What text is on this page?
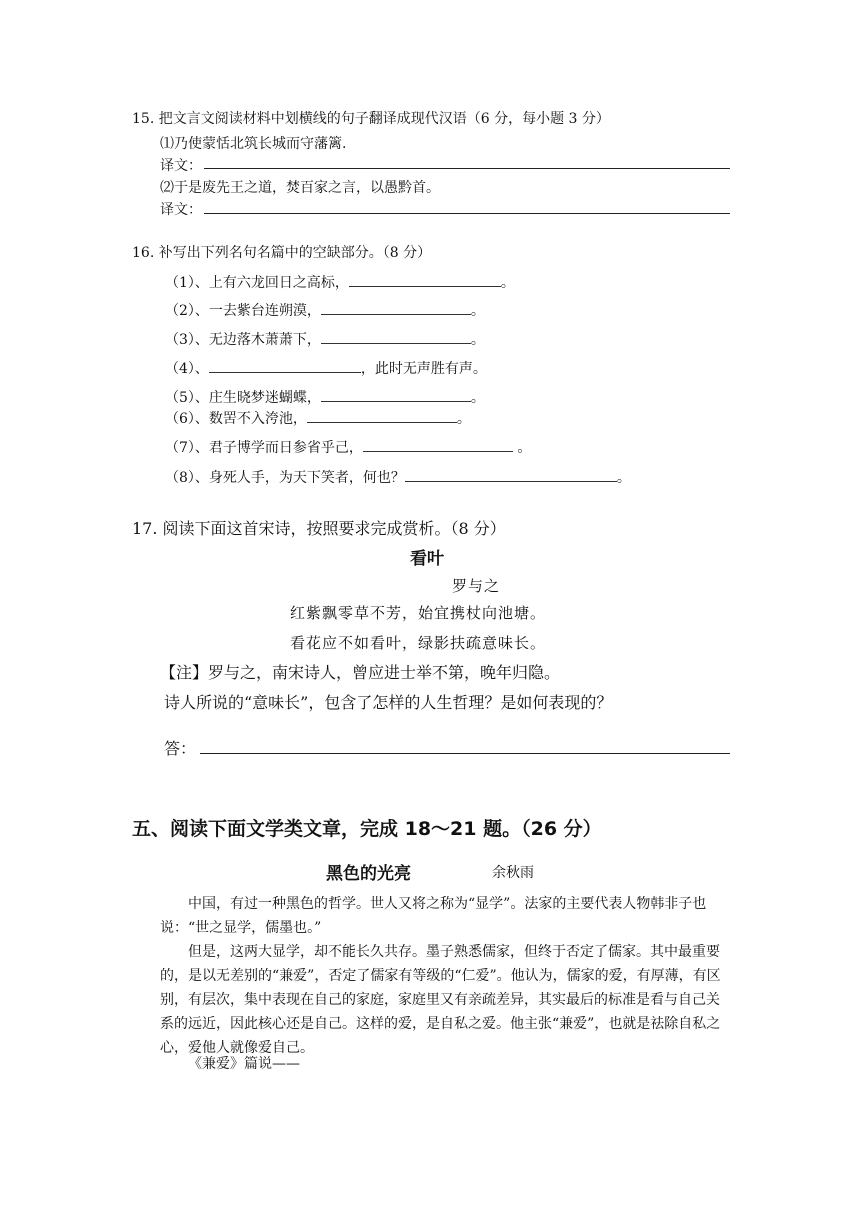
15. 把文言文阅读材料中划横线的句子翻译成现代汉语（6 分，每小题 3 分）
⑴乃使蒙恬北筑长城而守藩篱.
译文：
⑵于是废先王之道，焚百家之言，以愚黔首。
译文：
16. 补写出下列名句名篇中的空缺部分。（8 分）
（1）、上有六龙回日之高标，	。
（2）、一去紫台连朔漠，	。
（3）、无边落木萧萧下，	。
（4）、	，此时无声胜有声。
（5）、庄生晓梦迷蝴蝶，	。
（6）、数罟不入洿池，	。
（7）、君子博学而日参省乎己，	。
（8）、身死人手，为天下笑者，何也？	。
17. 阅读下面这首宋诗，按照要求完成赏析。（8 分）
看叶
罗与之
红紫飘零草不芳，始宜携杖向池塘。
看花应不如看叶，绿影扶疏意味长。
【注】罗与之，南宋诗人，曾应进士举不第，晚年归隐。
诗人所说的“意味长”，包含了怎样的人生哲理？是如何表现的？
答：
五、阅读下面文学类文章，完成 18～21 题。（26 分）
黑色的光亮	余秋雨
中国，有过一种黑色的哲学。世人又将之称为“显学”。法家的主要代表人物韩非子也说：“世之显学，儒墨也。”
但是，这两大显学，却不能长久共存。墨子熟悉儒家，但终于否定了儒家。其中最重要的，是以无差别的“兼爱”，否定了儒家有等级的“仁爱”。他认为，儒家的爱，有厚薄，有区别，有层次，集中表现在自己的家庭，家庭里又有亲疏差异，其实最后的标准是看与自己关系的远近，因此核心还是自己。这样的爱，是自私之爱。他主张“兼爱”，也就是祛除自私之心，爱他人就像爱自己。
《兼爱》篇说——
